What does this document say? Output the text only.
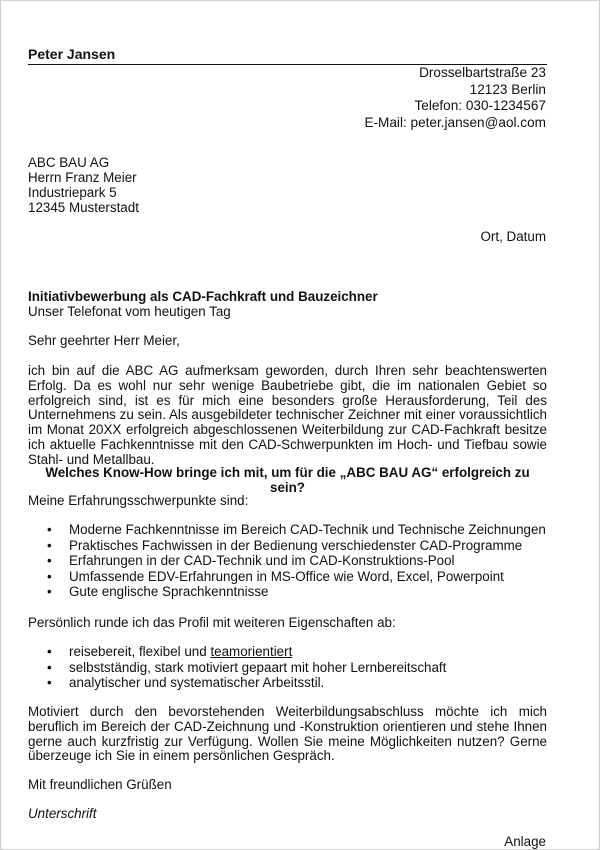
Peter Jansen
Drosselbartstraße 23
12123 Berlin
Telefon: 030-1234567
E-Mail: peter.jansen@aol.com
ABC BAU AG
Herrn Franz Meier
Industriepark 5
12345 Musterstadt
Ort, Datum
Initiativbewerbung als CAD-Fachkraft und Bauzeichner
Unser Telefonat vom heutigen Tag
Sehr geehrter Herr Meier,
ich bin auf die ABC AG aufmerksam geworden, durch Ihren sehr beachtenswerten Erfolg. Da es wohl nur sehr wenige Baubetriebe gibt, die im nationalen Gebiet so erfolgreich sind, ist es für mich eine besonders große Herausforderung, Teil des Unternehmens zu sein. Als ausgebildeter technischer Zeichner mit einer voraussichtlich im Monat 20XX erfolgreich abgeschlossenen Weiterbildung zur CAD-Fachkraft besitze ich aktuelle Fachkenntnisse mit den CAD-Schwerpunkten im Hoch- und Tiefbau sowie Stahl- und Metallbau.
Welches Know-How bringe ich mit, um für die „ABC BAU AG“ erfolgreich zu sein?
Meine Erfahrungsschwerpunkte sind:
• Moderne Fachkenntnisse im Bereich CAD-Technik und Technische Zeichnungen
• Praktisches Fachwissen in der Bedienung verschiedenster CAD-Programme
• Erfahrungen in der CAD-Technik und im CAD-Konstruktions-Pool
• Umfassende EDV-Erfahrungen in MS-Office wie Word, Excel, Powerpoint
• Gute englische Sprachkenntnisse
Persönlich runde ich das Profil mit weiteren Eigenschaften ab:
• reisebereit, flexibel und teamorientiert
• selbstständig, stark motiviert gepaart mit hoher Lernbereitschaft
• analytischer und systematischer Arbeitsstil.
Motiviert durch den bevorstehenden Weiterbildungsabschluss möchte ich mich beruflich im Bereich der CAD-Zeichnung und -Konstruktion orientieren und stehe Ihnen gerne auch kurzfristig zur Verfügung. Wollen Sie meine Möglichkeiten nutzen? Gerne überzeuge ich Sie in einem persönlichen Gespräch.
Mit freundlichen Grüßen
Unterschrift
Anlage
